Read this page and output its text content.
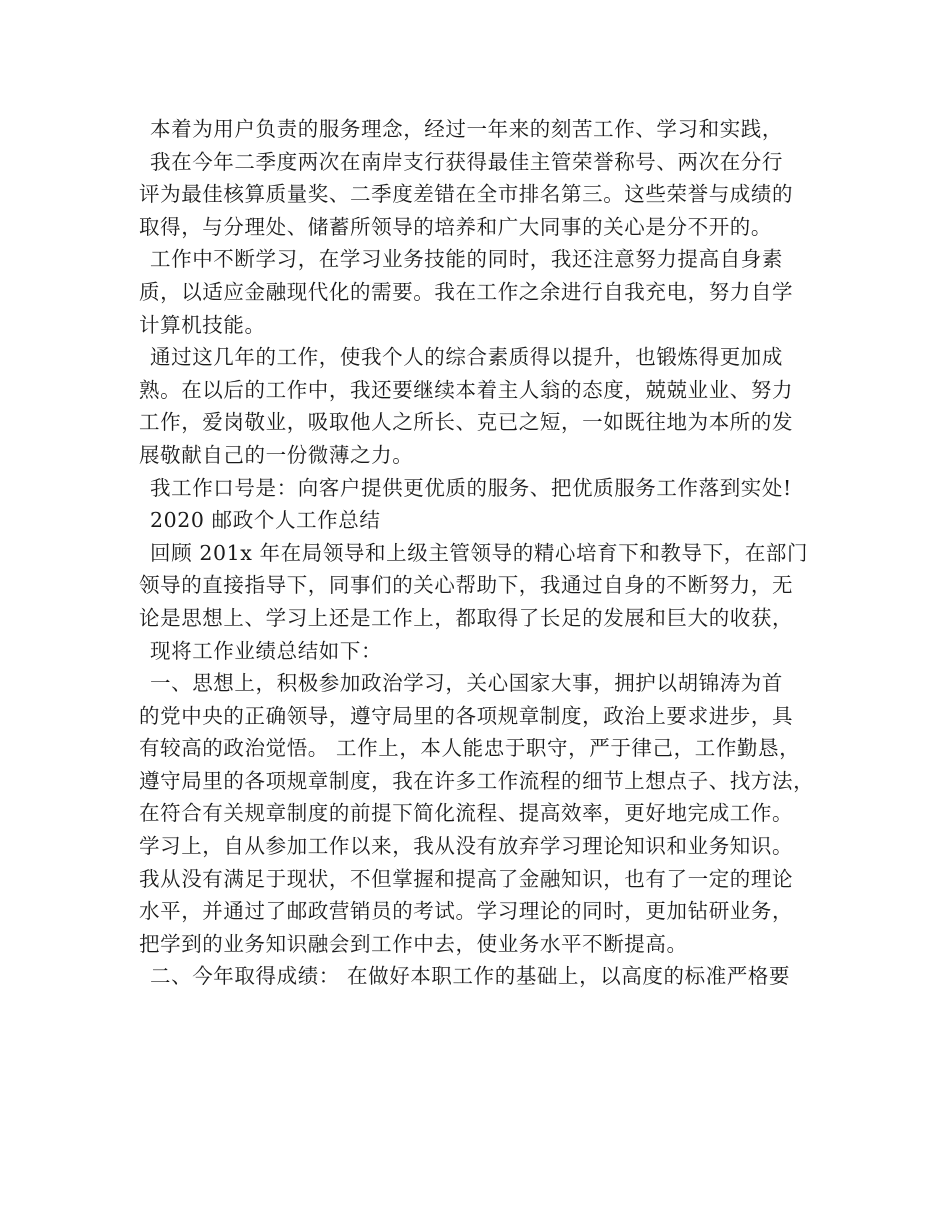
本着为用户负责的服务理念，经过一年来的刻苦工作、学习和实践，
我在今年二季度两次在南岸支行获得最佳主管荣誉称号、两次在分行
评为最佳核算质量奖、二季度差错在全市排名第三。这些荣誉与成绩的
取得，与分理处、储蓄所领导的培养和广大同事的关心是分不开的。
工作中不断学习，在学习业务技能的同时，我还注意努力提高自身素
质，以适应金融现代化的需要。我在工作之余进行自我充电，努力自学
计算机技能。
通过这几年的工作，使我个人的综合素质得以提升，也锻炼得更加成
熟。在以后的工作中，我还要继续本着主人翁的态度，兢兢业业、努力
工作，爱岗敬业，吸取他人之所长、克已之短，一如既往地为本所的发
展敬献自己的一份微薄之力。
我工作口号是：向客户提供更优质的服务、把优质服务工作落到实处!
2020 邮政个人工作总结
回顾 201x 年在局领导和上级主管领导的精心培育下和教导下，在部门
领导的直接指导下，同事们的关心帮助下，我通过自身的不断努力，无
论是思想上、学习上还是工作上，都取得了长足的发展和巨大的收获，
现将工作业绩总结如下：
一、思想上，积极参加政治学习，关心国家大事，拥护以胡锦涛为首
的党中央的正确领导，遵守局里的各项规章制度，政治上要求进步，具
有较高的政治觉悟。 工作上，本人能忠于职守，严于律己，工作勤恳，
遵守局里的各项规章制度，我在许多工作流程的细节上想点子、找方法，
在符合有关规章制度的前提下简化流程、提高效率，更好地完成工作。
学习上，自从参加工作以来，我从没有放弃学习理论知识和业务知识。
我从没有满足于现状，不但掌握和提高了金融知识，也有了一定的理论
水平，并通过了邮政营销员的考试。学习理论的同时，更加钻研业务，
把学到的业务知识融会到工作中去，使业务水平不断提高。
二、今年取得成绩： 在做好本职工作的基础上，以高度的标准严格要
